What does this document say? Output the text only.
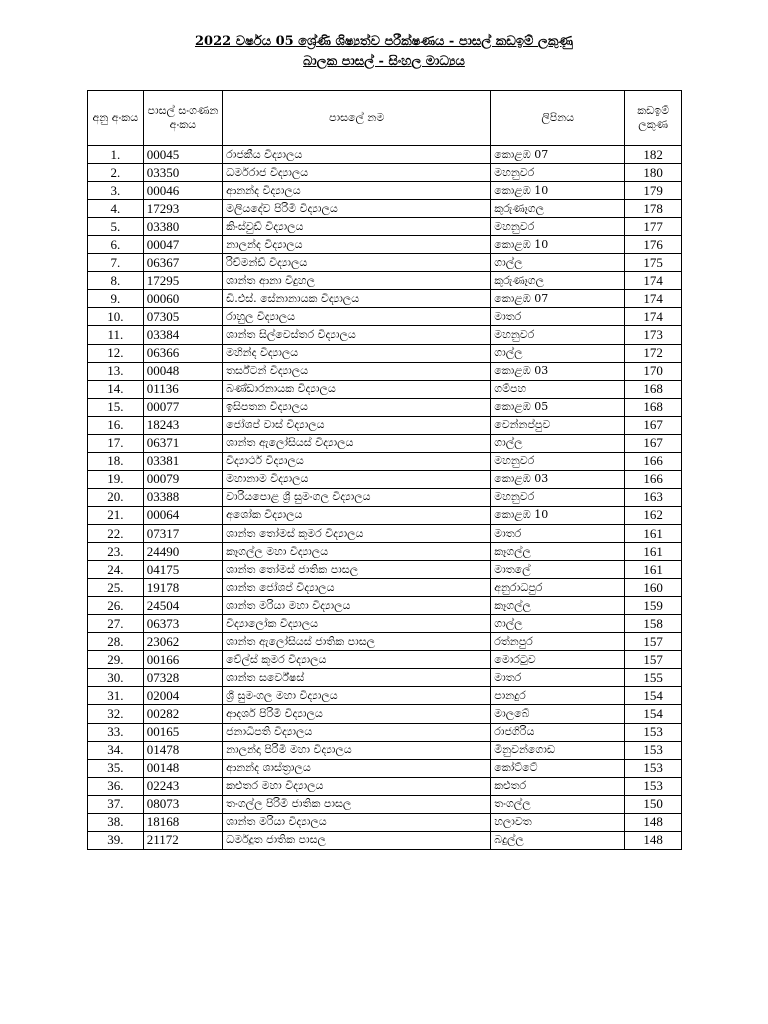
2022 වර්ෂය 05 ශ්‍රේණි ශිෂ්‍යත්ව පරීක්ෂණය - පාසල් කඩඉම් ලකුණු
බාලක පාසල් - සිංහල මාධ්‍යය
අනු අංකය	පාසල් සංගණන අංකය	පාසලේ නම	ලිපිනය	කඩඉම් ලකුණ
1.	00045	රාජකීය විද්‍යාලය	කොළඹ 07	182
2.	03350	ධර්මරාජ විද්‍යාලය	මහනුවර	180
3.	00046	ආනන්ද විද්‍යාලය	කොළඹ 10	179
4.	17293	මලියදේව පිරිමි විද්‍යාලය	කුරුණෑගල	178
5.	03380	කිංස්වුඩ් විද්‍යාලය	මහනුවර	177
6.	00047	නාලන්ද විද්‍යාලය	කොළඹ 10	176
7.	06367	රිච්මන්ඩ් විද්‍යාලය	ගාල්ල	175
8.	17295	ශාන්ත ආනා විදුහල	කුරුණෑගල	174
9.	00060	ඩී.එස්. සේනානායක විද්‍යාලය	කොළඹ 07	174
10.	07305	රාහුල විද්‍යාලය	මාතර	174
11.	03384	ශාන්ත සිල්වෙස්තර විද්‍යාලය	මහනුවර	173
12.	06366	මහින්ද විද්‍යාලය	ගාල්ල	172
13.	00048	තර්ස්ටන් විද්‍යාලය	කොළඹ 03	170
14.	01136	බණ්ඩාරනායක විද්‍යාලය	ගම්පහ	168
15.	00077	ඉසිපතන විද්‍යාලය	කොළඹ 05	168
16.	18243	ජෝශප් වාස් විද්‍යාලය	වෙන්නප්පුව	167
17.	06371	ශාන්ත ඇලෝසියස් විද්‍යාලය	ගාල්ල	167
18.	03381	විද්‍යාර්ථ විද්‍යාලය	මහනුවර	166
19.	00079	මහානාම විද්‍යාලය	කොළඹ 03	166
20.	03388	වාරියපොළ ශ්‍රී සුමංගල විද්‍යාලය	මහනුවර	163
21.	00064	අශෝක විද්‍යාලය	කොළඹ 10	162
22.	07317	ශාන්ත තෝමස් කුමර විද්‍යාලය	මාතර	161
23.	24490	කෑගල්ල මහා විද්‍යාලය	කෑගල්ල	161
24.	04175	ශාන්ත තෝමස් ජාතික පාසල	මාතලේ	161
25.	19178	ශාන්ත ජෝශප් විද්‍යාලය	අනුරාධපුර	160
26.	24504	ශාන්ත මරියා මහා විද්‍යාලය	කෑගල්ල	159
27.	06373	විද්‍යාලෝක විද්‍යාලය	ගාල්ල	158
28.	23062	ශාන්ත ඇලෝසියස් ජාතික පාසල	රත්නපුර	157
29.	00166	වේල්ස් කුමර විද්‍යාලය	මොරටුව	157
30.	07328	ශාන්ත සර්වේෂස්	මාතර	155
31.	02004	ශ්‍රී සුමංගල මහා විද්‍යාලය	පානදුර	154
32.	00282	ආදර්ශ පිරිමි විද්‍යාලය	මාලබේ	154
33.	00165	ජනාධිපති විද්‍යාලය	රාජගිරිය	153
34.	01478	නාලන්දා පිරිමි මහා විද්‍යාලය	මිනුවන්ගොඩ	153
35.	00148	ආනන්ද ශාස්ත්‍රාලය	කෝට්ටේ	153
36.	02243	කළුතර මහා විද්‍යාලය	කළුතර	153
37.	08073	තංගල්ල පිරිමි ජාතික පාසල	තංගල්ල	150
38.	18168	ශාන්ත මරියා විද්‍යාලය	හලාවත	148
39.	21172	ධර්මදූත ජාතික පාසල	බදුල්ල	148
